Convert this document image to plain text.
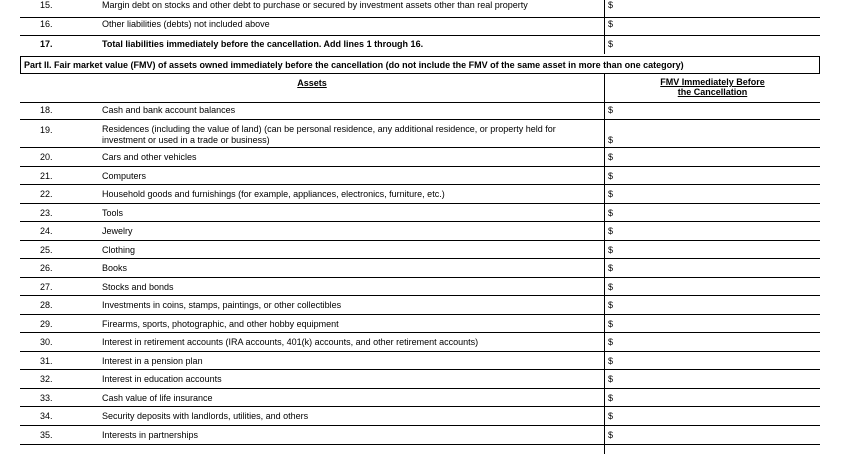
15.	Margin debt on stocks and other debt to purchase or secured by investment assets other than real property	$
16.	Other liabilities (debts) not included above	$
17.	Total liabilities immediately before the cancellation. Add lines 1 through 16.	$
Part II. Fair market value (FMV) of assets owned immediately before the cancellation (do not include the FMV of the same asset in more than one category)
Assets	FMV Immediately Before
the Cancellation
18.	Cash and bank account balances	$
19.	Residences (including the value of land) (can be personal residence, any additional residence, or property held for investment or used in a trade or business)	$
20.	Cars and other vehicles	$
21.	Computers	$
22.	Household goods and furnishings (for example, appliances, electronics, furniture, etc.)	$
23.	Tools	$
24.	Jewelry	$
25.	Clothing	$
26.	Books	$
27.	Stocks and bonds	$
28.	Investments in coins, stamps, paintings, or other collectibles	$
29.	Firearms, sports, photographic, and other hobby equipment	$
30.	Interest in retirement accounts (IRA accounts, 401(k) accounts, and other retirement accounts)	$
31.	Interest in a pension plan	$
32.	Interest in education accounts	$
33.	Cash value of life insurance	$
34.	Security deposits with landlords, utilities, and others	$
35.	Interests in partnerships	$
